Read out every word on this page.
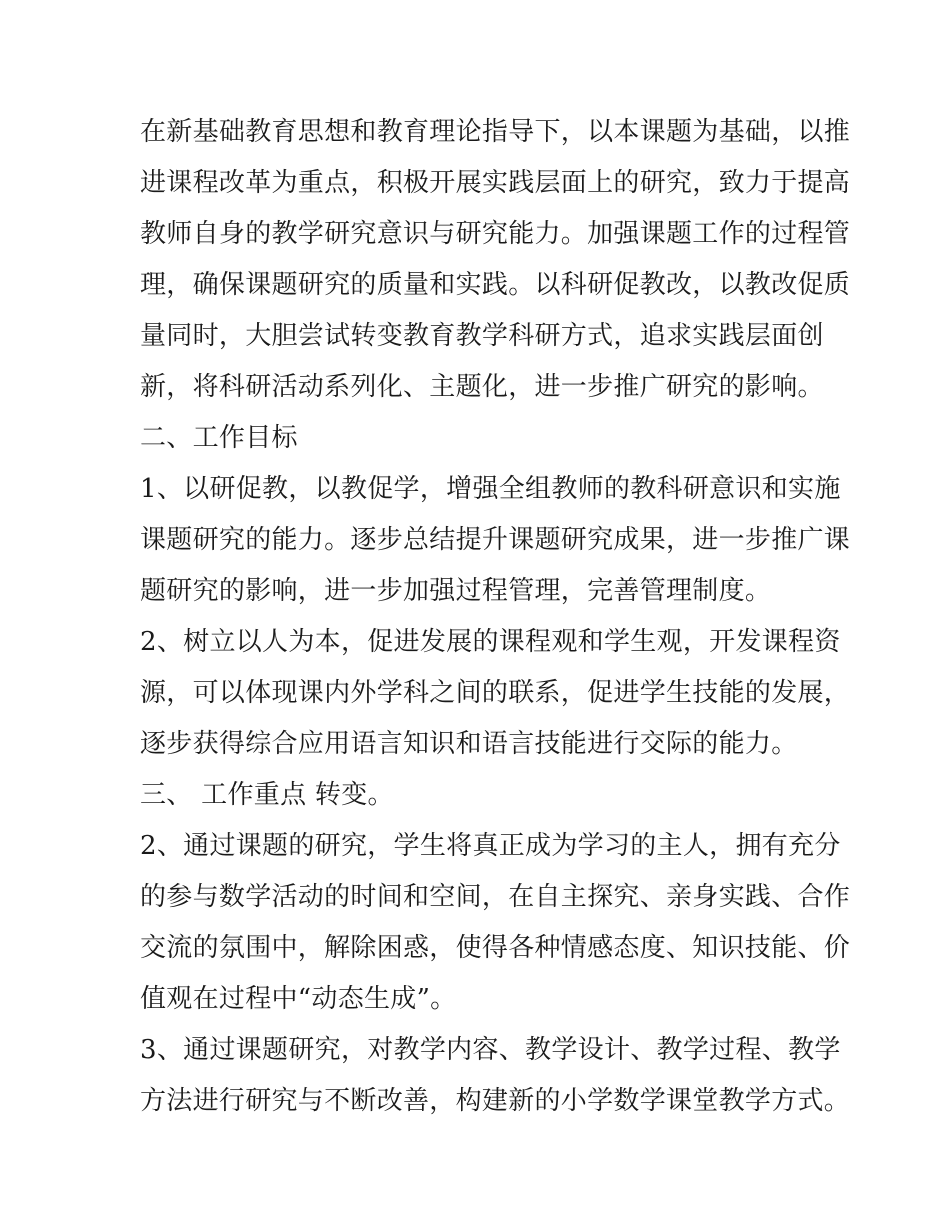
在新基础教育思想和教育理论指导下，以本课题为基础，以推
进课程改革为重点，积极开展实践层面上的研究，致力于提高
教师自身的教学研究意识与研究能力。加强课题工作的过程管
理，确保课题研究的质量和实践。以科研促教改，以教改促质
量同时，大胆尝试转变教育教学科研方式，追求实践层面创
新，将科研活动系列化、主题化，进一步推广研究的影响。
二、工作目标
1、以研促教，以教促学，增强全组教师的教科研意识和实施
课题研究的能力。逐步总结提升课题研究成果，进一步推广课
题研究的影响，进一步加强过程管理，完善管理制度。
2、树立以人为本，促进发展的课程观和学生观，开发课程资
源，可以体现课内外学科之间的联系，促进学生技能的发展，
逐步获得综合应用语言知识和语言技能进行交际的能力。
三、 工作重点 转变。
2、通过课题的研究，学生将真正成为学习的主人，拥有充分
的参与数学活动的时间和空间，在自主探究、亲身实践、合作
交流的氛围中，解除困惑，使得各种情感态度、知识技能、价
值观在过程中“动态生成”。
3、通过课题研究，对教学内容、教学设计、教学过程、教学
方法进行研究与不断改善，构建新的小学数学课堂教学方式。
